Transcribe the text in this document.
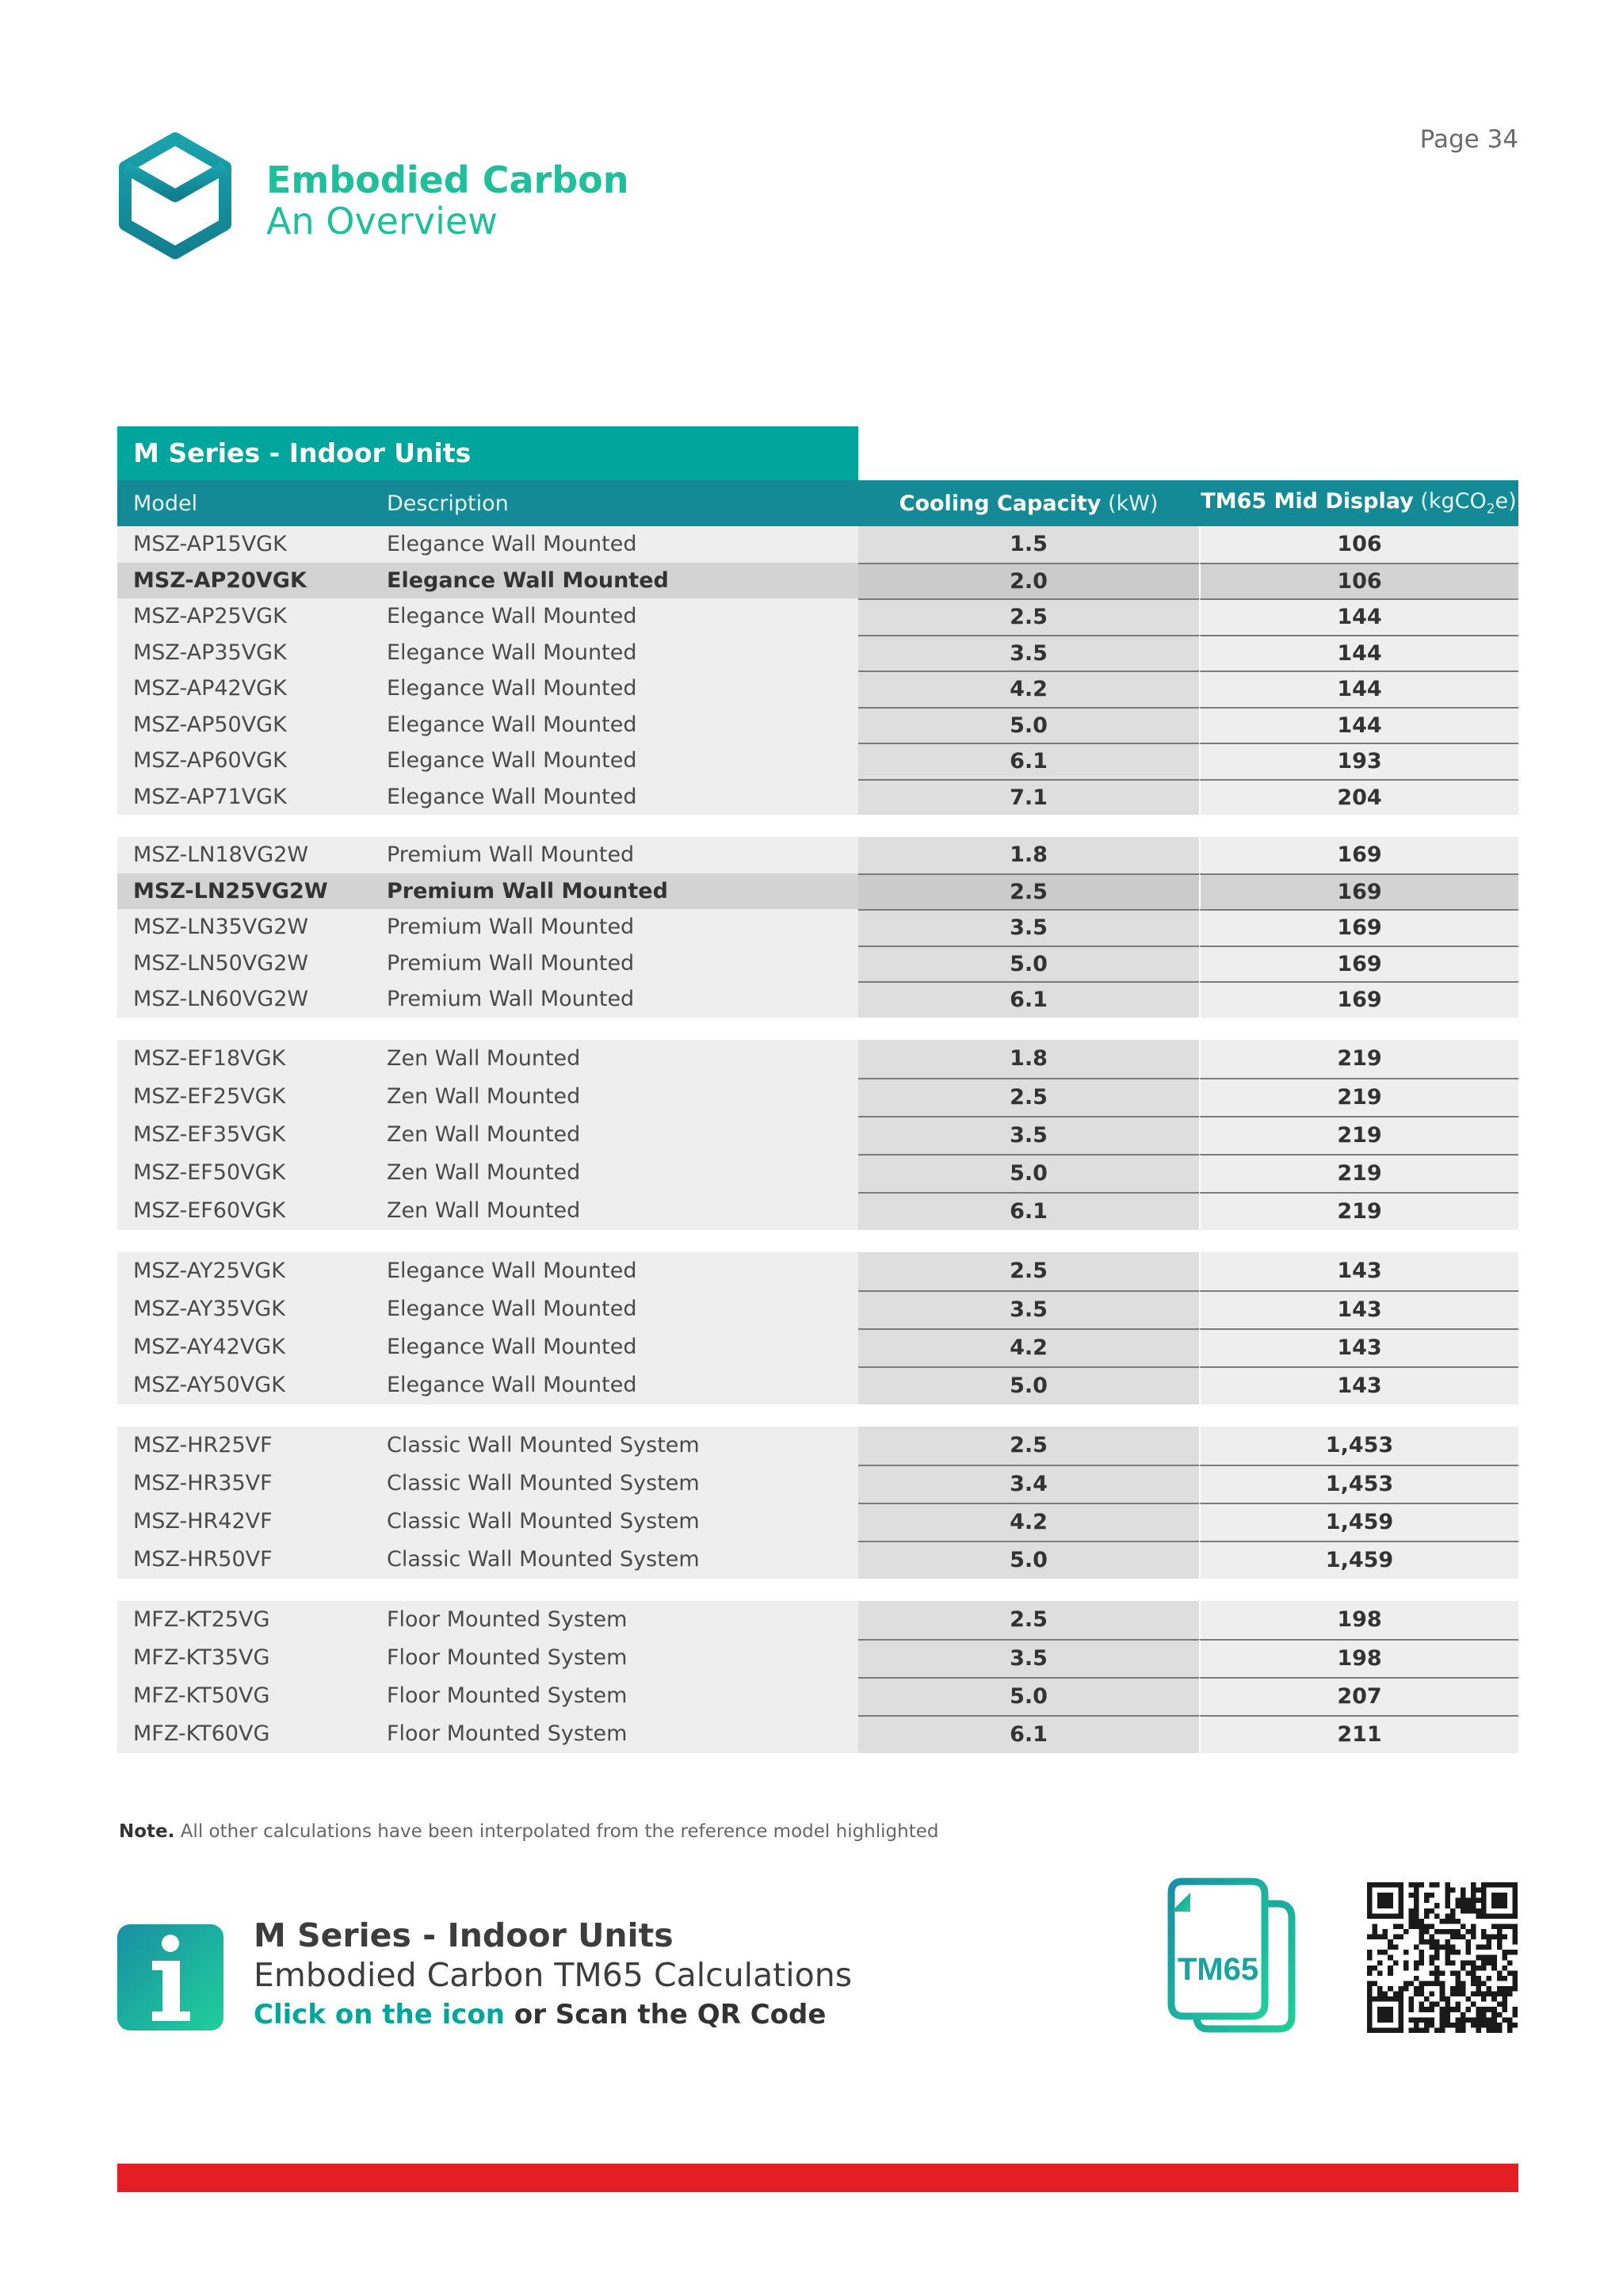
Page 34
Embodied Carbon
An Overview
M Series - Indoor Units
Model	Description	Cooling Capacity (kW)	TM65 Mid Display (kgCO$_2$e)
MSZ-AP15VGK	Elegance Wall Mounted	1.5	106
MSZ-AP20VGK	Elegance Wall Mounted	2.0	106
MSZ-AP25VGK	Elegance Wall Mounted	2.5	144
MSZ-AP35VGK	Elegance Wall Mounted	3.5	144
MSZ-AP42VGK	Elegance Wall Mounted	4.2	144
MSZ-AP50VGK	Elegance Wall Mounted	5.0	144
MSZ-AP60VGK	Elegance Wall Mounted	6.1	193
MSZ-AP71VGK	Elegance Wall Mounted	7.1	204
MSZ-LN18VG2W	Premium Wall Mounted	1.8	169
MSZ-LN25VG2W	Premium Wall Mounted	2.5	169
MSZ-LN35VG2W	Premium Wall Mounted	3.5	169
MSZ-LN50VG2W	Premium Wall Mounted	5.0	169
MSZ-LN60VG2W	Premium Wall Mounted	6.1	169
MSZ-EF18VGK	Zen Wall Mounted	1.8	219
MSZ-EF25VGK	Zen Wall Mounted	2.5	219
MSZ-EF35VGK	Zen Wall Mounted	3.5	219
MSZ-EF50VGK	Zen Wall Mounted	5.0	219
MSZ-EF60VGK	Zen Wall Mounted	6.1	219
MSZ-AY25VGK	Elegance Wall Mounted	2.5	143
MSZ-AY35VGK	Elegance Wall Mounted	3.5	143
MSZ-AY42VGK	Elegance Wall Mounted	4.2	143
MSZ-AY50VGK	Elegance Wall Mounted	5.0	143
MSZ-HR25VF	Classic Wall Mounted System	2.5	1,453
MSZ-HR35VF	Classic Wall Mounted System	3.4	1,453
MSZ-HR42VF	Classic Wall Mounted System	4.2	1,459
MSZ-HR50VF	Classic Wall Mounted System	5.0	1,459
MFZ-KT25VG	Floor Mounted System	2.5	198
MFZ-KT35VG	Floor Mounted System	3.5	198
MFZ-KT50VG	Floor Mounted System	5.0	207
MFZ-KT60VG	Floor Mounted System	6.1	211
Note. All other calculations have been interpolated from the reference model highlighted
M Series - Indoor Units
Embodied Carbon TM65 Calculations
Click on the icon or Scan the QR Code
TM65
